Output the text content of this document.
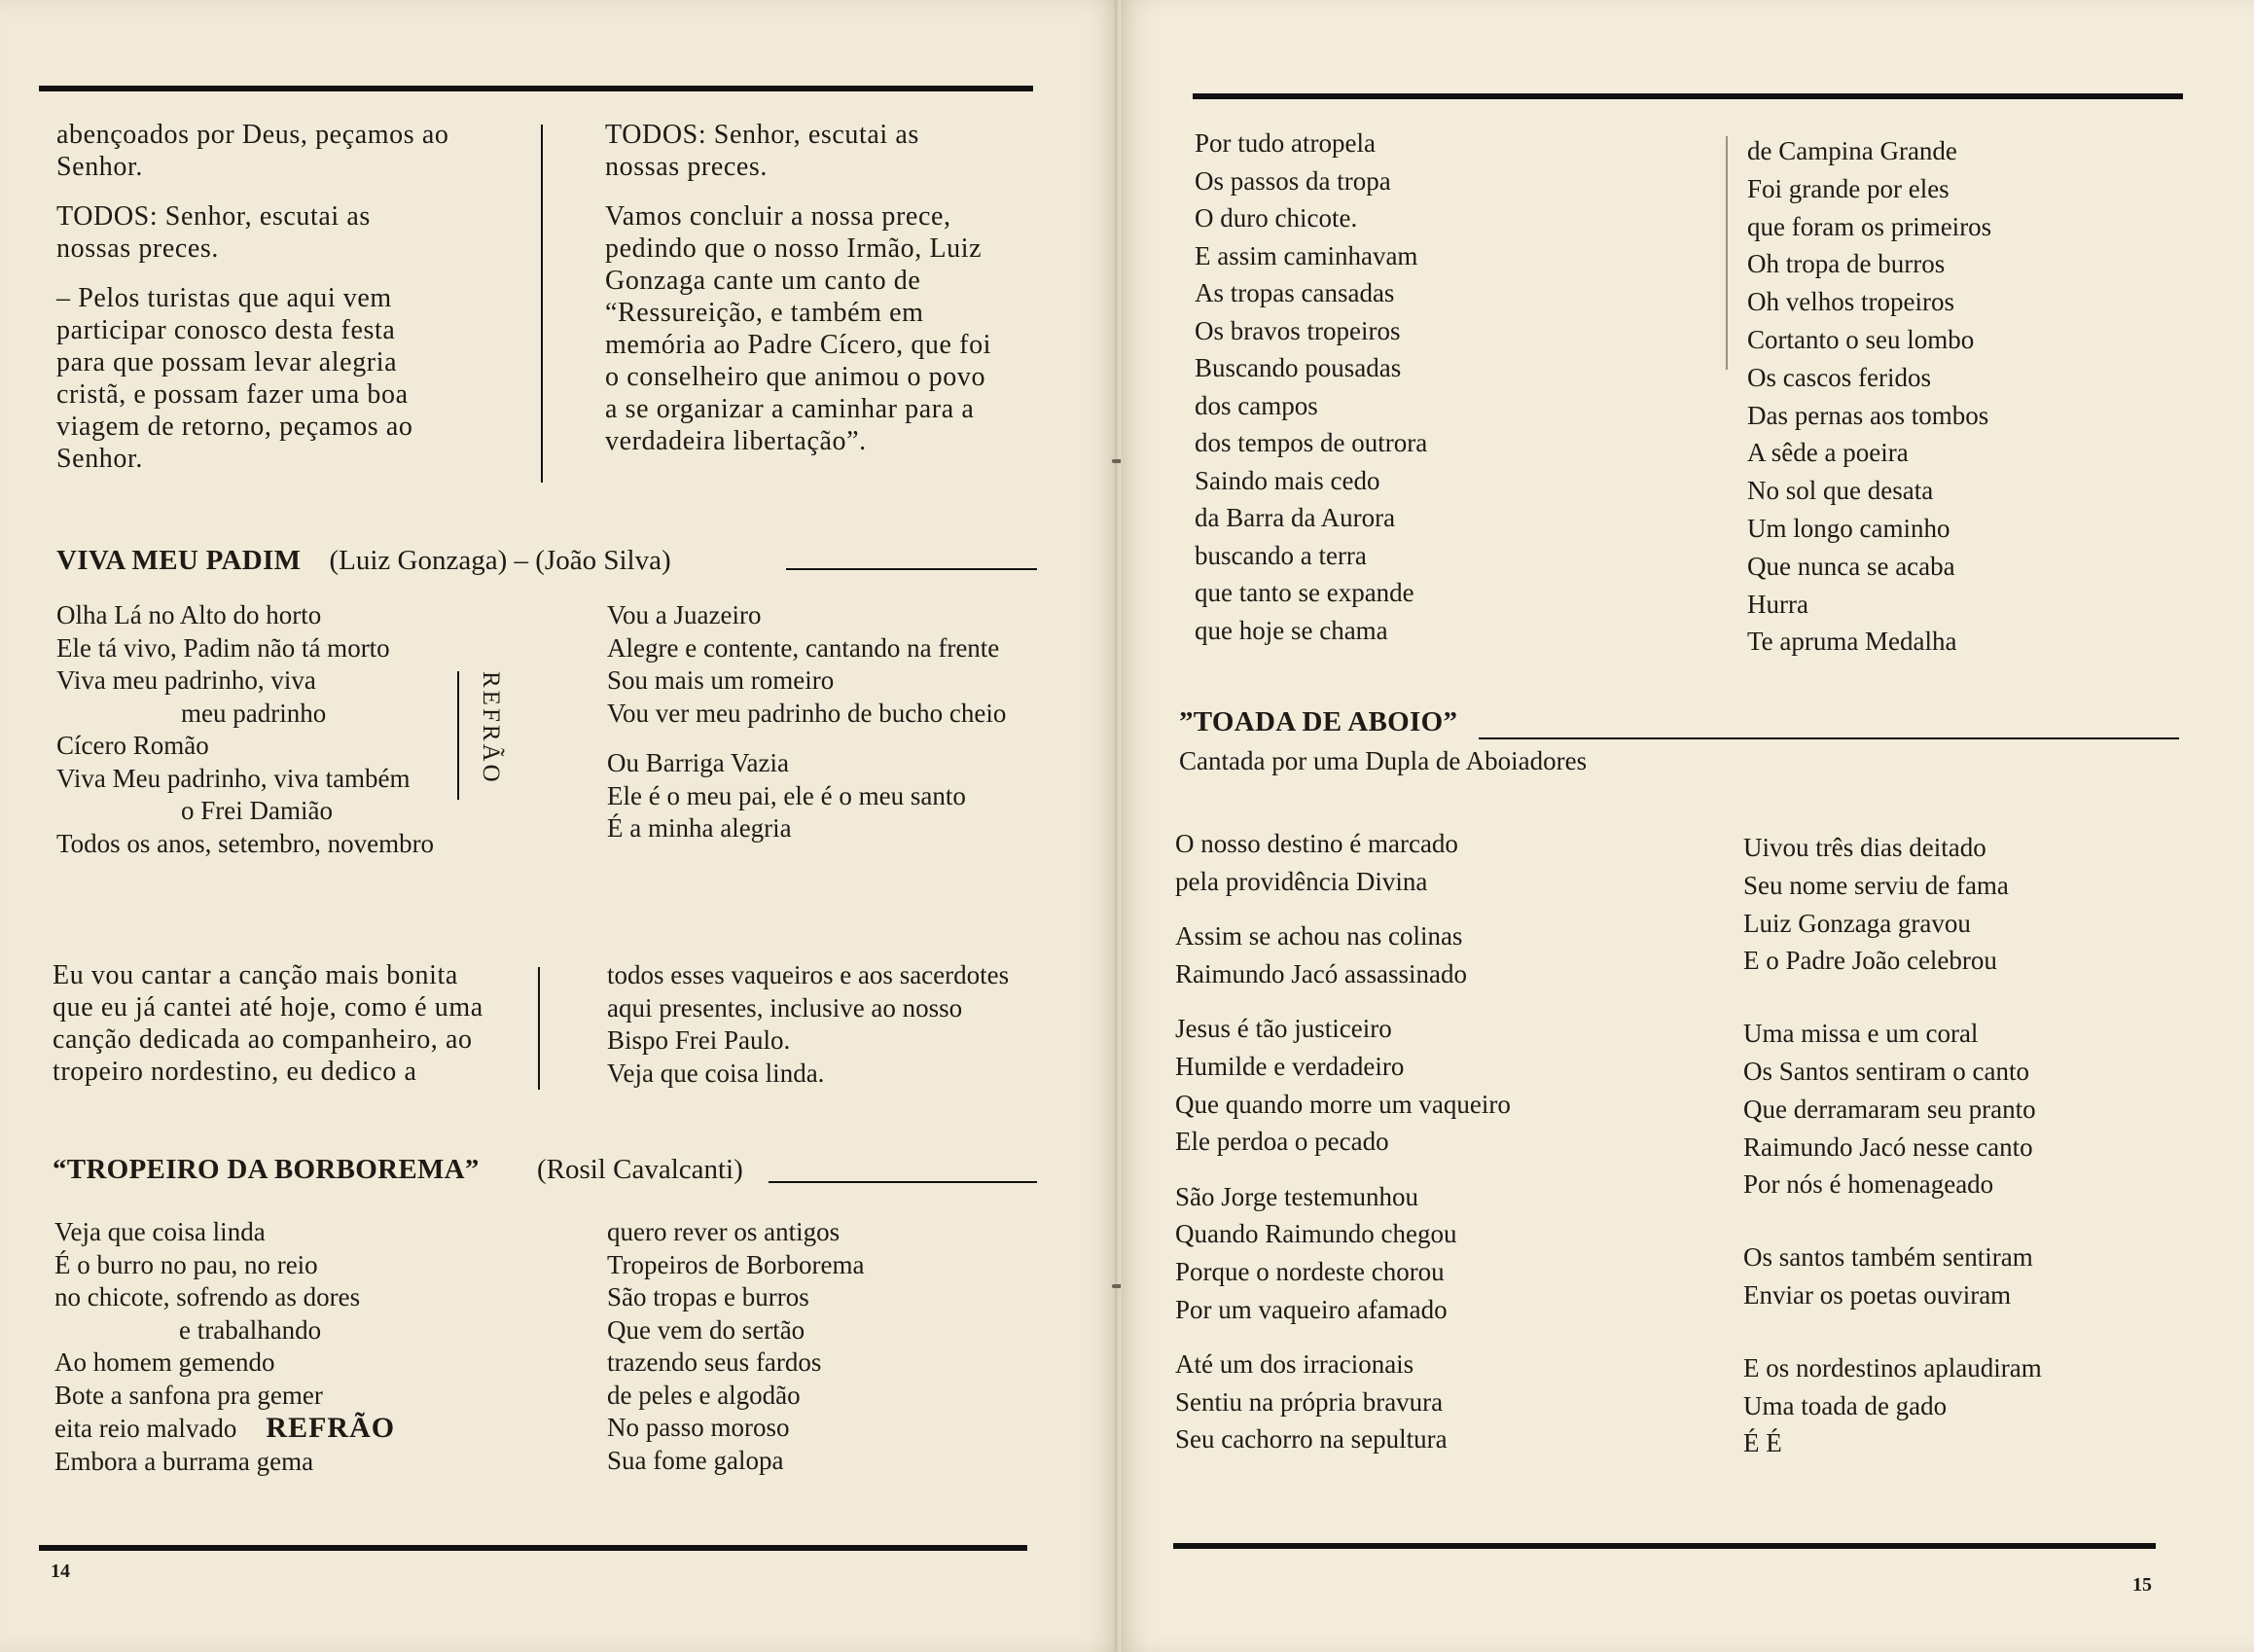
abençoados por Deus, peçamos ao

Senhor.

TODOS: Senhor, escutai as

nossas preces.

– Pelos turistas que aqui vem

participar conosco desta festa

para que possam levar alegria

cristã, e possam fazer uma boa

viagem de retorno, peçamos ao

Senhor.

TODOS: Senhor, escutai as

nossas preces.

Vamos concluir a nossa prece,

pedindo que o nosso Irmão, Luiz

Gonzaga cante um canto de

“Ressureição, e também em

memória ao Padre Cícero, que foi

o conselheiro que animou o povo

a se organizar a caminhar para a

verdadeira libertação”.

VIVA MEU PADIM (Luiz Gonzaga) – (João Silva)

Olha Lá no Alto do horto

Ele tá vivo, Padim não tá morto

Viva meu padrinho, viva

meu padrinho

Cícero Romão

Viva Meu padrinho, viva também

o Frei Damião

Todos os anos, setembro, novembro

REFRÃO

Vou a Juazeiro

Alegre e contente, cantando na frente

Sou mais um romeiro

Vou ver meu padrinho de bucho cheio

Ou Barriga Vazia

Ele é o meu pai, ele é o meu santo

É a minha alegria

Eu vou cantar a canção mais bonita

que eu já cantei até hoje, como é uma

canção dedicada ao companheiro, ao

tropeiro nordestino, eu dedico a

todos esses vaqueiros e aos sacerdotes

aqui presentes, inclusive ao nosso

Bispo Frei Paulo.

Veja que coisa linda.

“TROPEIRO DA BORBOREMA” (Rosil Cavalcanti)

Veja que coisa linda

É o burro no pau, no reio

no chicote, sofrendo as dores

e trabalhando

Ao homem gemendo

Bote a sanfona pra gemer

eita reio malvado REFRÃO

Embora a burrama gema

quero rever os antigos

Tropeiros de Borborema

São tropas e burros

Que vem do sertão

trazendo seus fardos

de peles e algodão

No passo moroso

Sua fome galopa

14

Por tudo atropela

Os passos da tropa

O duro chicote.

E assim caminhavam

As tropas cansadas

Os bravos tropeiros

Buscando pousadas

dos campos

dos tempos de outrora

Saindo mais cedo

da Barra da Aurora

buscando a terra

que tanto se expande

que hoje se chama

de Campina Grande

Foi grande por eles

que foram os primeiros

Oh tropa de burros

Oh velhos tropeiros

Cortanto o seu lombo

Os cascos feridos

Das pernas aos tombos

A sêde a poeira

No sol que desata

Um longo caminho

Que nunca se acaba

Hurra

Te apruma Medalha

”TOADA DE ABOIO”
Cantada por uma Dupla de Aboiadores

O nosso destino é marcado

pela providência Divina

Assim se achou nas colinas

Raimundo Jacó assassinado

Jesus é tão justiceiro

Humilde e verdadeiro

Que quando morre um vaqueiro

Ele perdoa o pecado

São Jorge testemunhou

Quando Raimundo chegou

Porque o nordeste chorou

Por um vaqueiro afamado

Até um dos irracionais

Sentiu na própria bravura

Seu cachorro na sepultura

Uivou três dias deitado

Seu nome serviu de fama

Luiz Gonzaga gravou

E o Padre João celebrou

Uma missa e um coral

Os Santos sentiram o canto

Que derramaram seu pranto

Raimundo Jacó nesse canto

Por nós é homenageado

Os santos também sentiram

Enviar os poetas ouviram

E os nordestinos aplaudiram

Uma toada de gado

É É

15
